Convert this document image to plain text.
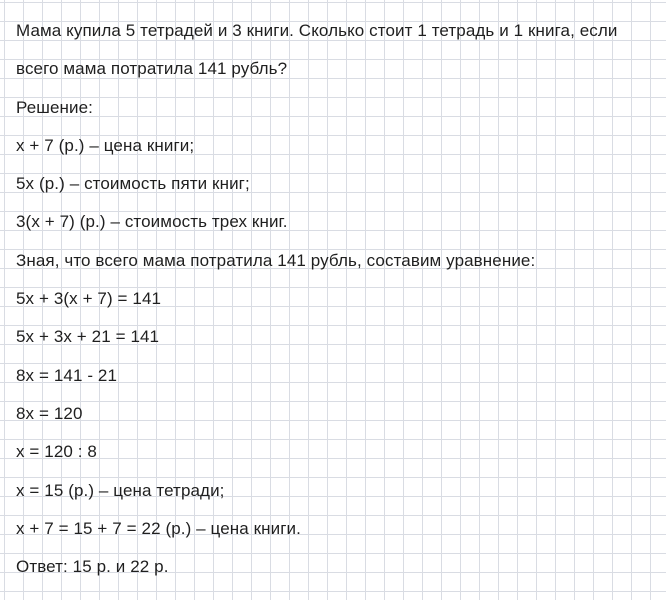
Мама купила 5 тетрадей и 3 книги. Сколько стоит 1 тетрадь и 1 книга, если
всего мама потратила 141 рубль?
Решение:
x + 7 (р.) – цена книги;
5x (р.) – стоимость пяти книг;
3(x + 7) (р.) – стоимость трех книг.
Зная, что всего мама потратила 141 рубль, составим уравнение:
5x + 3(x + 7) = 141
5x + 3x + 21 = 141
8x = 141 - 21
8x = 120
x = 120 : 8
x = 15 (р.) – цена тетради;
x + 7 = 15 + 7 = 22 (р.) – цена книги.
Ответ: 15 р. и 22 р.
